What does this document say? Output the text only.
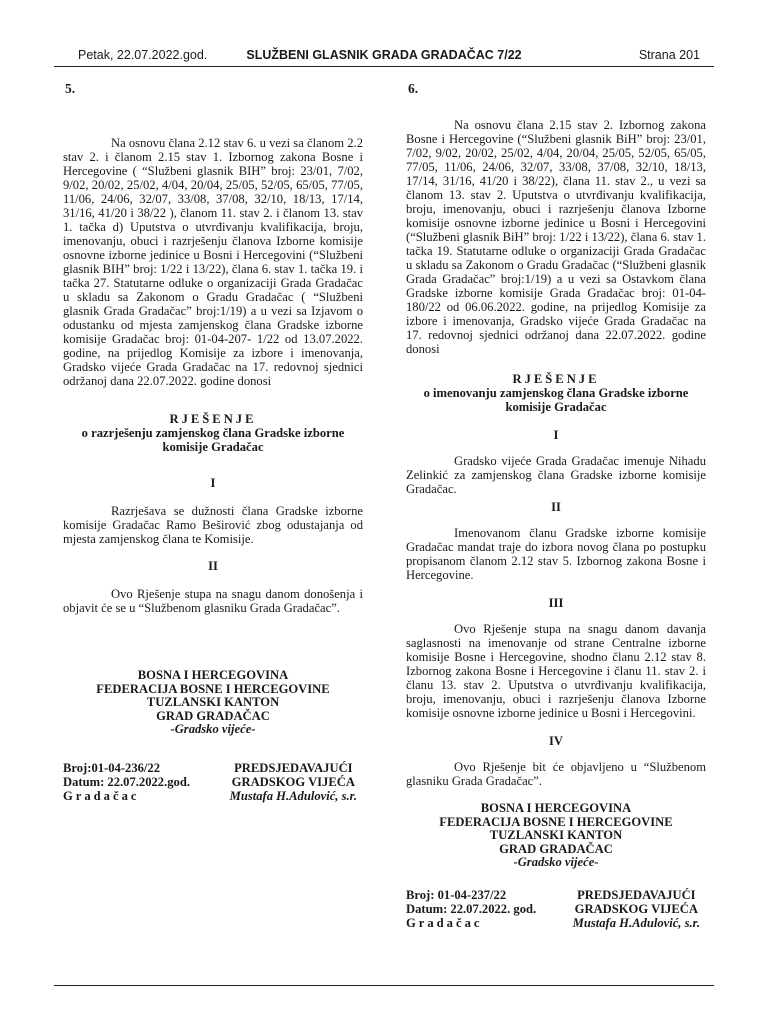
Petak, 22.07.2022.god.	SLUŽBENI GLASNIK GRADA GRADAČAC 7/22	Strana 201
5.

Na osnovu člana 2.12 stav 6. u vezi sa članom 2.2 stav 2. i članom 2.15 stav 1. Izbornog zakona Bosne i Hercegovine ( “Službeni glasnik BIH” broj: 23/01, 7/02, 9/02, 20/02, 25/02, 4/04, 20/04, 25/05, 52/05, 65/05, 77/05, 11/06, 24/06, 32/07, 33/08, 37/08, 32/10, 18/13, 17/14, 31/16, 41/20 i 38/22 ), članom 11. stav 2. i članom 13. stav 1. tačka d) Uputstva o utvrđivanju kvalifikacija, broju, imenovanju, obuci i razrješenju članova Izborne komisije osnovne izborne jedinice u Bosni i Hercegovini (“Službeni glasnik BIH” broj: 1/22 i 13/22), člana 6. stav 1. tačka 19. i tačka 27. Statutarne odluke o organizaciji Grada Gradačac u skladu sa Zakonom o Gradu Gradačac ( “Službeni glasnik Grada Gradačac” broj:1/19) a u vezi sa Izjavom o odustanku od mjesta zamjenskog člana Gradske izborne komisije Gradačac broj: 01-04-207- 1/22 od 13.07.2022. godine, na prijedlog Komisije za izbore i imenovanja, Gradsko vijeće Grada Gradačac na 17. redovnoj sjednici održanoj dana 22.07.2022. godine donosi

RJEŠENJE

o razrješenju zamjenskog člana Gradske izborne komisije Gradačac

I

Razrješava se dužnosti člana Gradske izborne komisije Gradačac Ramo Beširović zbog odustajanja od mjesta zamjenskog člana te Komisije.

II

Ovo Rješenje stupa na snagu danom donošenja i objavit će se u “Službenom glasniku Grada Gradačac”.

BOSNA I HERCEGOVINA

FEDERACIJA BOSNE I HERCEGOVINE

TUZLANSKI KANTON

GRAD GRADAČAC

-Gradsko vijeće-

Broj:01-04-236/22
Datum: 22.07.2022.god.
Gradačac
PREDSJEDAVAJUĆI
GRADSKOG VIJEĆA
Mustafa H.Adulović, s.r.
6.

Na osnovu člana 2.15 stav 2. Izbornog zakona Bosne i Hercegovine (“Službeni glasnik BiH” broj: 23/01, 7/02, 9/02, 20/02, 25/02, 4/04, 20/04, 25/05, 52/05, 65/05, 77/05, 11/06, 24/06, 32/07, 33/08, 37/08, 32/10, 18/13, 17/14, 31/16, 41/20 i 38/22), člana 11. stav 2., u vezi sa članom 13. stav 2. Uputstva o utvrđivanju kvalifikacija, broju, imenovanju, obuci i razrješenju članova Izborne komisije osnovne izborne jedinice u Bosni i Hercegovini (“Službeni glasnik BiH” broj: 1/22 i 13/22), člana 6. stav 1. tačka 19. Statutarne odluke o organizaciji Grada Gradačac u skladu sa Zakonom o Gradu Gradačac (“Službeni glasnik Grada Gradačac” broj:1/19) a u vezi sa Ostavkom člana Gradske izborne komisije Grada Gradačac broj: 01-04- 180/22 od 06.06.2022. godine, na prijedlog Komisije za izbore i imenovanja, Gradsko vijeće Grada Gradačac na 17. redovnoj sjednici održanoj dana 22.07.2022. godine donosi

RJEŠENJE

o imenovanju zamjenskog člana Gradske izborne komisije Gradačac

I

Gradsko vijeće Grada Gradačac imenuje Nihadu Zelinkić za zamjenskog člana Gradske izborne komisije Gradačac.

II

Imenovanom članu Gradske izborne komisije Gradačac mandat traje do izbora novog člana po postupku propisanom članom 2.12 stav 5. Izbornog zakona Bosne i Hercegovine.

III

Ovo Rješenje stupa na snagu danom davanja saglasnosti na imenovanje od strane Centralne izborne komisije Bosne i Hercegovine, shodno članu 2.12 stav 8. Izbornog zakona Bosne i Hercegovine i članu 11. stav 2. i članu 13. stav 2. Uputstva o utvrđivanju kvalifikacija, broju, imenovanju, obuci i razrješenju članova Izborne komisije osnovne izborne jedinice u Bosni i Hercegovini.

IV

Ovo Rješenje bit će objavljeno u “Službenom glasniku Grada Gradačac”.

BOSNA I HERCEGOVINA

FEDERACIJA BOSNE I HERCEGOVINE

TUZLANSKI KANTON

GRAD GRADAČAC

-Gradsko vijeće-

Broj: 01-04-237/22
Datum: 22.07.2022. god.
Gradačac
PREDSJEDAVAJUĆI
GRADSKOG VIJEĆA
Mustafa H.Adulović, s.r.
